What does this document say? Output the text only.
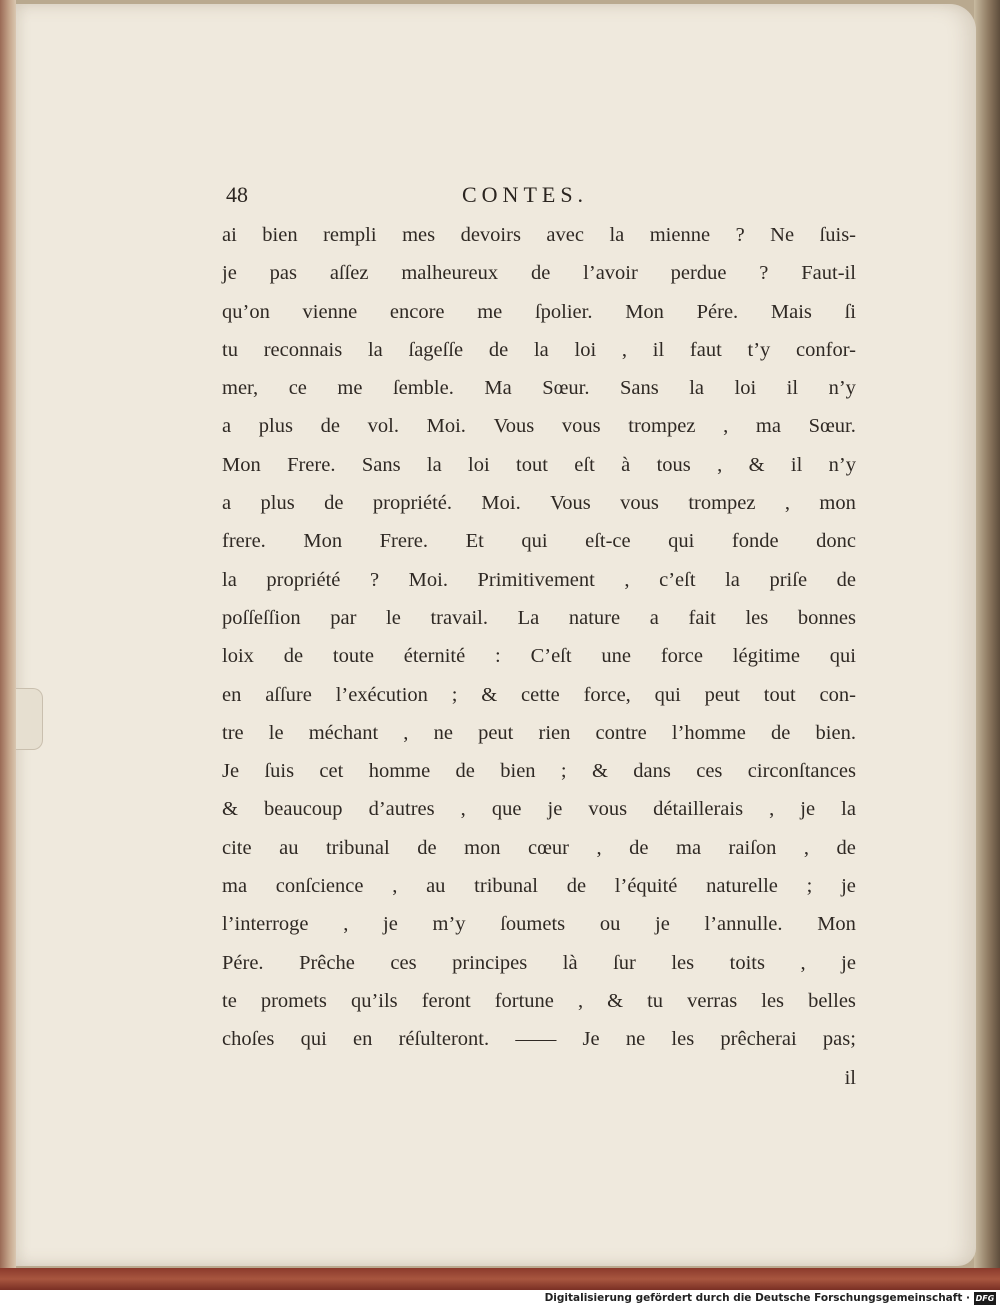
48	CONTES.
ai bien rempli mes devoirs avec la mienne ? Ne ſuis-
je pas aſſez malheureux de l’avoir perdue ? Faut-il
qu’on vienne encore me ſpolier. Mon Pére. Mais ſi
tu reconnais la ſageſſe de la loi , il faut t’y confor-
mer, ce me ſemble. Ma Sœur. Sans la loi il n’y
a plus de vol. Moi. Vous vous trompez , ma Sœur.
Mon Frere. Sans la loi tout eſt à tous , & il n’y
a plus de propriété. Moi. Vous vous trompez , mon
frere. Mon Frere. Et qui eſt-ce qui fonde donc
la propriété ? Moi. Primitivement , c’eſt la priſe de
poſſeſſion par le travail. La nature a fait les bonnes
loix de toute éternité : C’eſt une force légitime qui
en aſſure l’exécution ; & cette force, qui peut tout con-
tre le méchant , ne peut rien contre l’homme de bien.
Je ſuis cet homme de bien ; & dans ces circonſtances
& beaucoup d’autres , que je vous détaillerais , je la
cite au tribunal de mon cœur , de ma raiſon , de
ma conſcience , au tribunal de l’équité naturelle ; je
l’interroge , je m’y ſoumets ou je l’annulle. Mon
Pére. Prêche ces principes là ſur les toits , je
te promets qu’ils feront fortune , & tu verras les belles
choſes qui en réſulteront. —— Je ne les prêcherai pas;
il
Digitalisierung gefördert durch die Deutsche Forschungsgemeinschaft · DFG
